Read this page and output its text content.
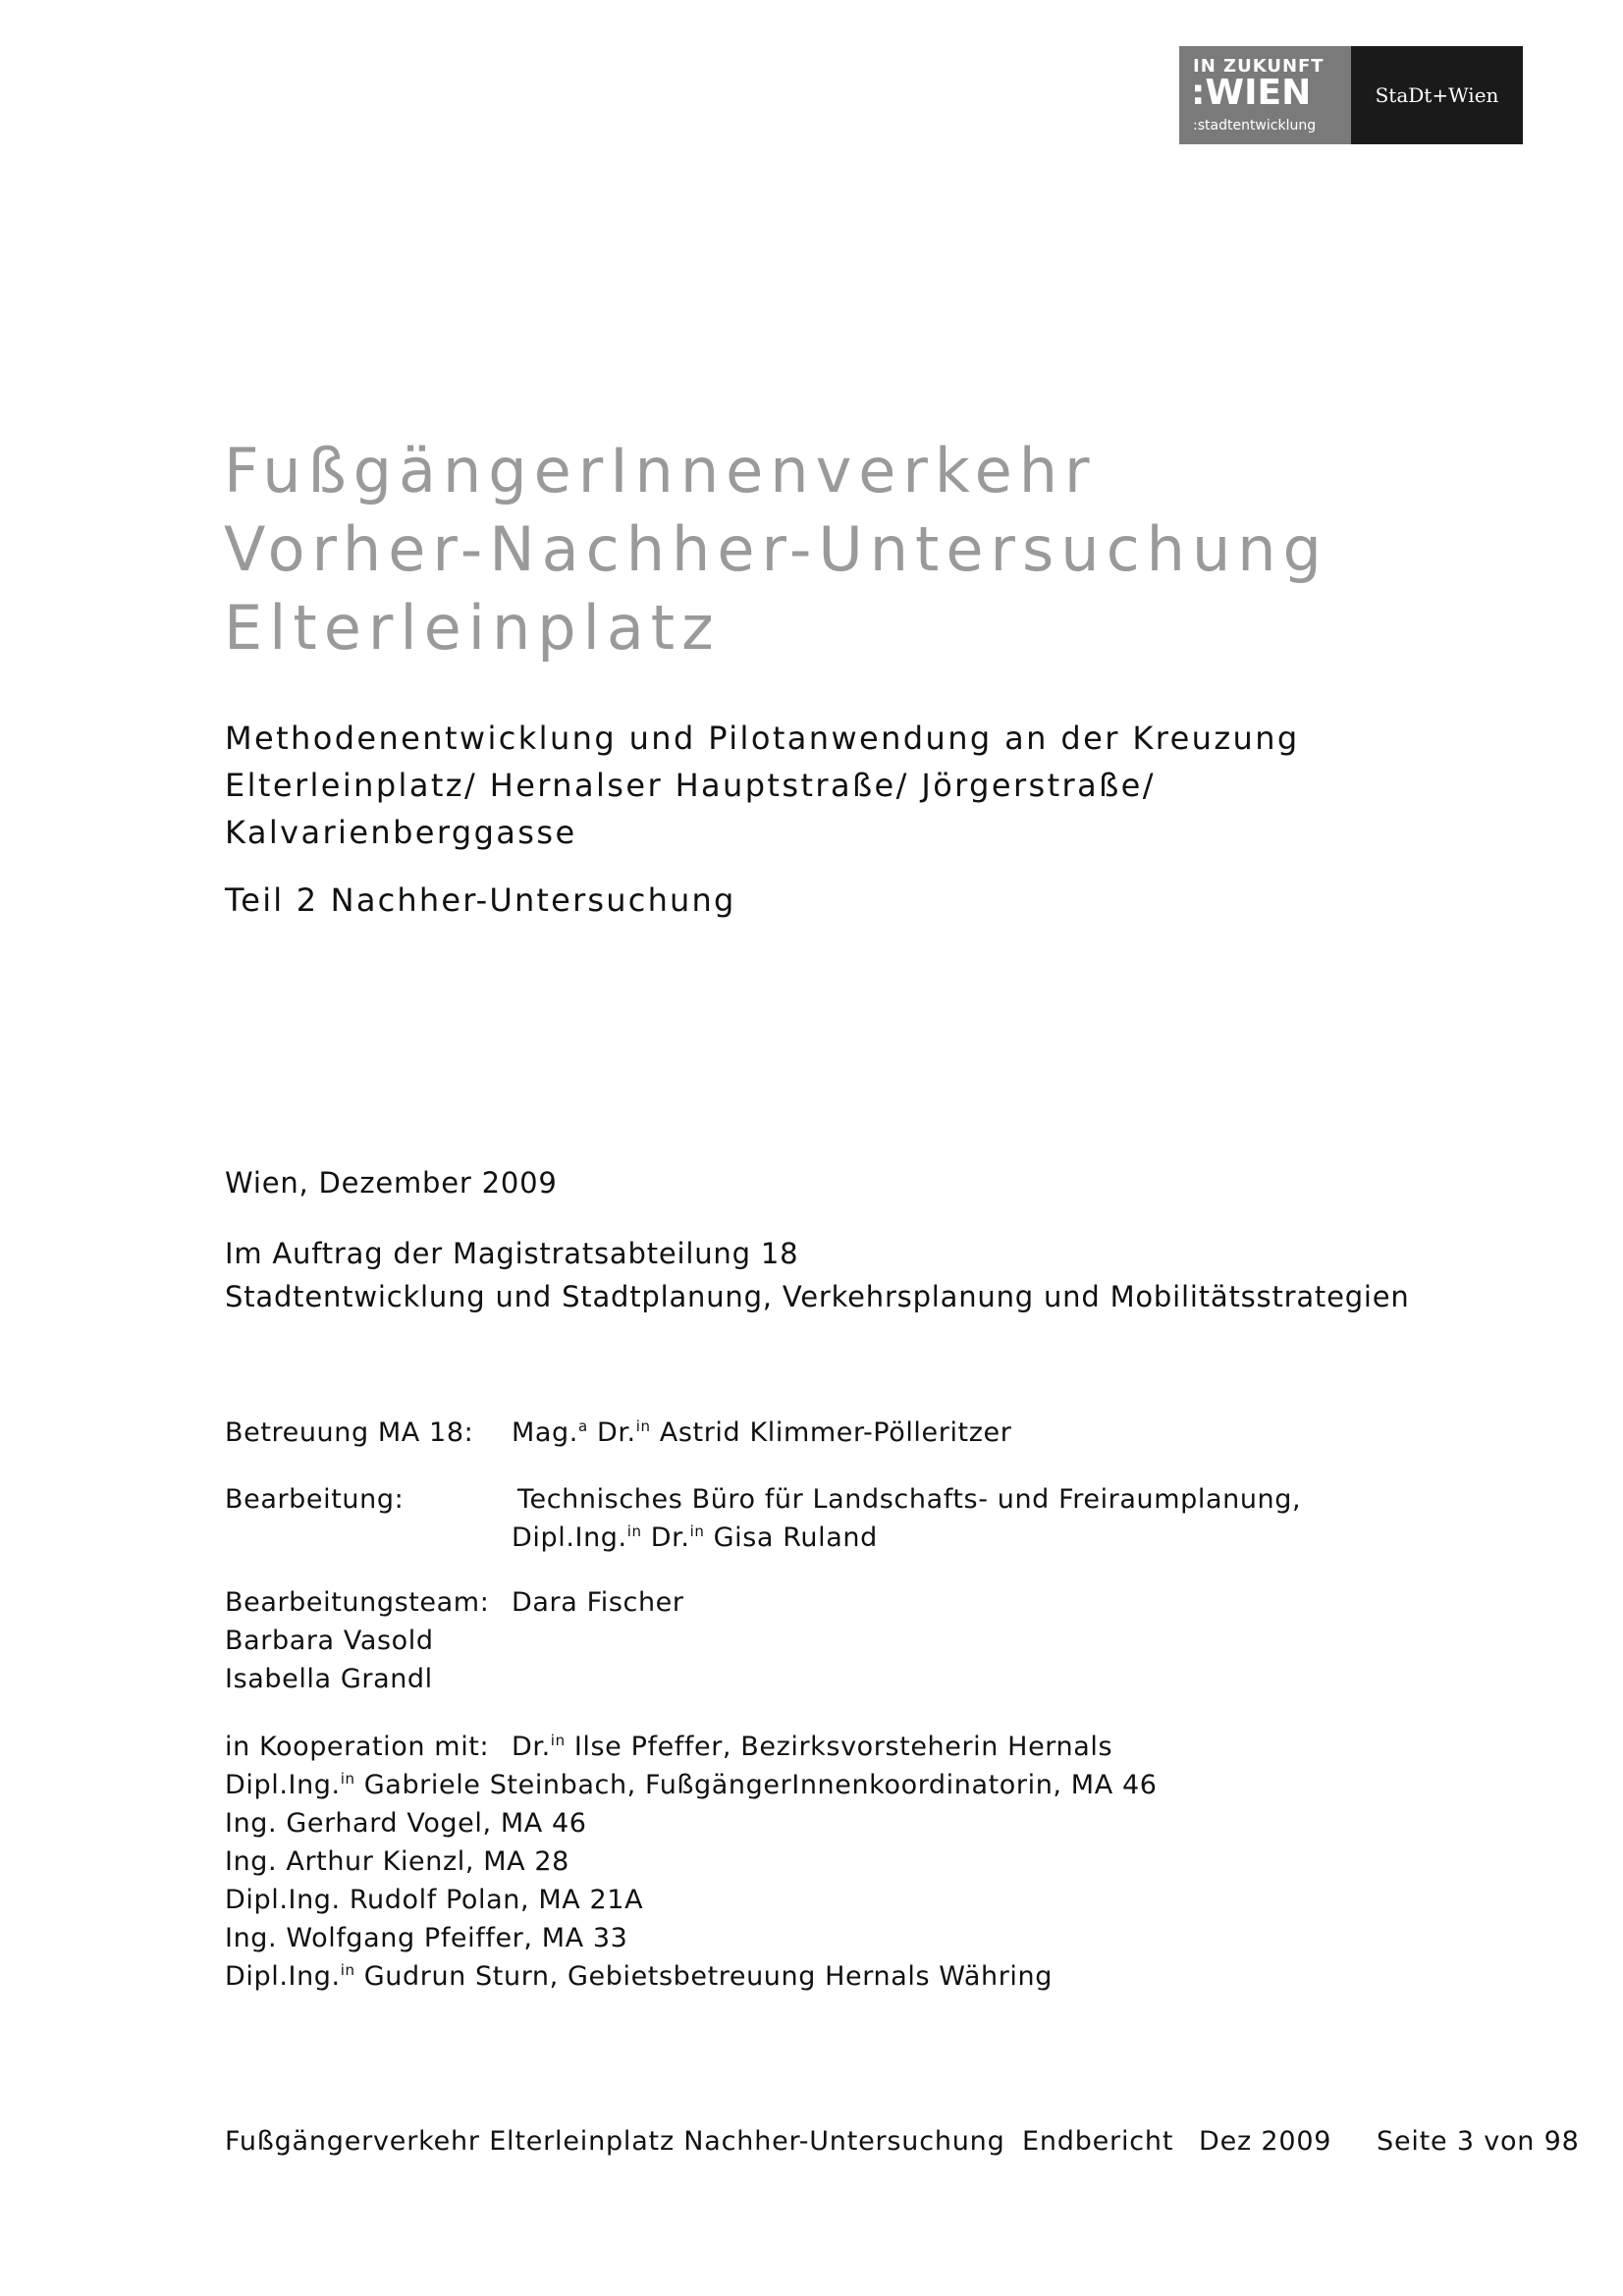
IN ZUKUNFT
:WIEN
:stadtentwicklung
StaDt+Wien
FußgängerInnenverkehr
Vorher-Nachher-Untersuchung
Elterleinplatz
Methodenentwicklung und Pilotanwendung an der Kreuzung
Elterleinplatz/ Hernalser Hauptstraße/ Jörgerstraße/
Kalvarienberggasse
Teil 2 Nachher-Untersuchung
Wien, Dezember 2009
Im Auftrag der Magistratsabteilung 18
Stadtentwicklung und Stadtplanung, Verkehrsplanung und Mobilitätsstrategien
Betreuung MA 18: Mag.$^a$ Dr.$^{in}$ Astrid Klimmer-Pölleritzer
Bearbeitung:	Technisches Büro für Landschafts- und Freiraumplanung,
Dipl.Ing.$^{in}$ Dr.$^{in}$ Gisa Ruland
Bearbeitungsteam: Dara Fischer
Barbara Vasold
Isabella Grandl
in Kooperation mit: Dr.$^{in}$ Ilse Pfeffer, Bezirksvorsteherin Hernals
Dipl.Ing.$^{in}$ Gabriele Steinbach, FußgängerInnenkoordinatorin, MA 46
Ing. Gerhard Vogel, MA 46
Ing. Arthur Kienzl, MA 28
Dipl.Ing. Rudolf Polan, MA 21A
Ing. Wolfgang Pfeiffer, MA 33
Dipl.Ing.$^{in}$ Gudrun Sturn, Gebietsbetreuung Hernals Währing
Fußgängerverkehr Elterleinplatz Nachher-Untersuchung Endbericht Dez 2009 Seite 3 von 98
